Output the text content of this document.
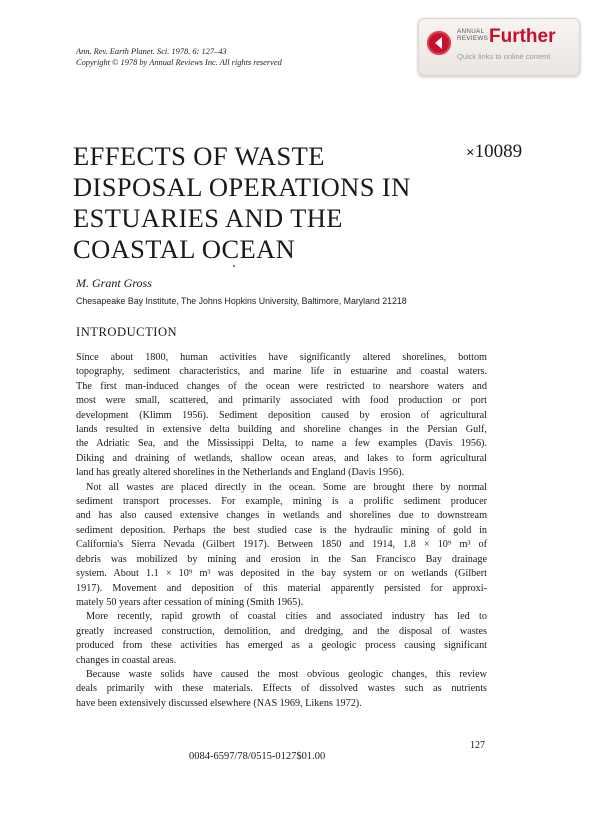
Ann. Rev. Earth Planet. Sci. 1978. 6: 127–43
Copyright © 1978 by Annual Reviews Inc. All rights reserved
ANNUAL
REVIEWS Further
Quick links to online content
EFFECTS OF WASTE
DISPOSAL OPERATIONS IN
ESTUARIES AND THE
COASTAL OCEAN
×10089
M. Grant Gross
Chesapeake Bay Institute, The Johns Hopkins University, Baltimore, Maryland 21218
INTRODUCTION

Since about 1800, human activities have significantly altered shorelines, bottom
topography, sediment characteristics, and marine life in estuarine and coastal waters.
The first man-induced changes of the ocean were restricted to nearshore waters and
most were small, scattered, and primarily associated with food production or port
development (Klimm 1956). Sediment deposition caused by erosion of agricultural
lands resulted in extensive delta building and shoreline changes in the Persian Gulf,
the Adriatic Sea, and the Mississippi Delta, to name a few examples (Davis 1956).
Diking and draining of wetlands, shallow ocean areas, and lakes to form agricultural
land has greatly altered shorelines in the Netherlands and England (Davis 1956).

Not all wastes are placed directly in the ocean. Some are brought there by normal
sediment transport processes. For example, mining is a prolific sediment producer
and has also caused extensive changes in wetlands and shorelines due to downstream
sediment deposition. Perhaps the best studied case is the hydraulic mining of gold in
California's Sierra Nevada (Gilbert 1917). Between 1850 and 1914, 1.8 × 10⁹ m³ of
debris was mobilized by mining and erosion in the San Francisco Bay drainage
system. About 1.1 × 10⁹ m³ was deposited in the bay system or on wetlands (Gilbert
1917). Movement and deposition of this material apparently persisted for approxi-
mately 50 years after cessation of mining (Smith 1965).

More recently, rapid growth of coastal cities and associated industry has led to
greatly increased construction, demolition, and dredging, and the disposal of wastes
produced from these activities has emerged as a geologic process causing significant
changes in coastal areas.

Because waste solids have caused the most obvious geologic changes, this review
deals primarily with these materials. Effects of dissolved wastes such as nutrients
have been extensively discussed elsewhere (NAS 1969, Likens 1972).

127
0084-6597/78/0515-0127$01.00
